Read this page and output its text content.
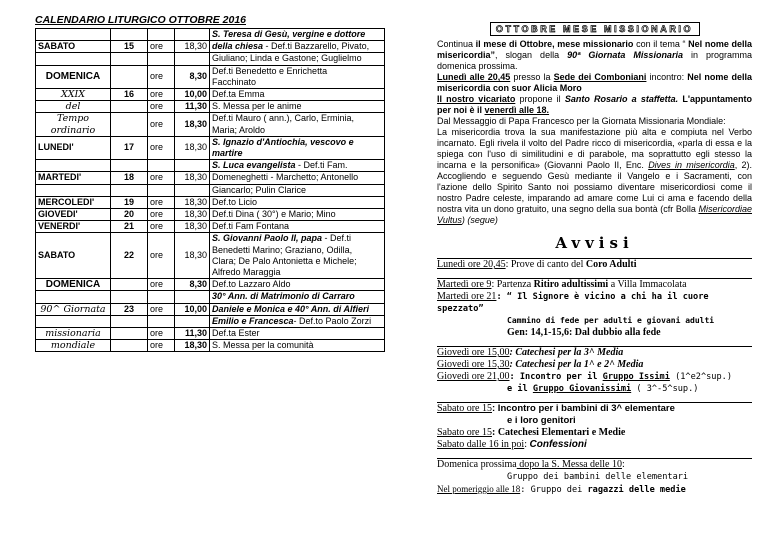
CALENDARIO LITURGICO OTTOBRE 2016

				S. Teresa di Gesù, vergine e dottore

SABATO	15	ore	18,30	della chiesa - Def.ti Bazzarello, Pivato,

				Giuliano; Linda e Gastone; Guglielmo

DOMENICA		ore	8,30	Def.ti Benedetto e Enrichetta
Facchinato

XXIX	16	ore	10,00	Def.ta Emma

del		ore	11,30	S. Messa per le anime

Tempo ordinario		ore	18,30	Def.ti Mauro ( ann.), Carlo, Erminia,
Maria; Aroldo

LUNEDI'	17	ore	18,30	S. Ignazio d'Antiochia, vescovo e
martire

				S. Luca evangelista - Def.ti Fam.

MARTEDI'	18	ore	18,30	Domeneghetti - Marchetto; Antonello

				Giancarlo; Pulin Clarice

MERCOLEDI'	19	ore	18,30	Def.to Licio

GIOVEDI'	20	ore	18,30	Def.ti Dina ( 30°) e Mario; Mino

VENERDI'	21	ore	18,30	Def.ti Fam Fontana

SABATO	22	ore	18,30	S. Giovanni Paolo II, papa - Def.ti
Benedetti Marino; Graziano, Odilla,
Clara; De Palo Antonietta e Michele;
Alfredo Maraggia

DOMENICA		ore	8,30	Def.to Lazzaro Aldo

				30° Ann. di Matrimonio di Carraro

90^ Giornata	23	ore	10,00	Daniele e Monica e 40° Ann. di Alfieri

				Emilio e Francesca- Def.to Paolo Zorzi

missionaria		ore	11,30	Def.ta Ester

mondiale		ore	18,30	S. Messa per la comunità
OTTOBRE MESE MISSIONARIO

Continua il mese di Ottobre, mese missionario con il tema “ Nel nome della misericordia”, slogan della 90ª Giornata Missionaria in programma domenica prossima.

Lunedì alle 20,45 presso la Sede dei Comboniani incontro: Nel nome della misericordia con suor Alicia Moro

Il nostro vicariato propone il Santo Rosario a staffetta. L'appuntamento per noi è il venerdì alle 18.

Dal Messaggio di Papa Francesco per la Giornata Missionaria Mondiale:

La misericordia trova la sua manifestazione più alta e compiuta nel Verbo incarnato. Egli rivela il volto del Padre ricco di misericordia, «parla di essa e la spiega con l'uso di similitudini e di parabole, ma soprattutto egli stesso la incarna e la personifica» (Giovanni Paolo II, Enc. Dives in misericordia, 2). Accogliendo e seguendo Gesù mediante il Vangelo e i Sacramenti, con l'azione dello Spirito Santo noi possiamo diventare misericordiosi come il nostro Padre celeste, imparando ad amare come Lui ci ama e facendo della nostra vita un dono gratuito, una segno della sua bontà (cfr Bolla Misericordiae Vultus) (segue)

Avvisi

Lunedì ore 20,45: Prove di canto del Coro Adulti

Martedì ore 9: Partenza Ritiro adultissimi a Villa Immacolata

Martedì ore 21: “ Il Signore è vicino a chi ha il cuore spezzato”

Cammino di fede per adulti e giovani adulti

Gen: 14,1-15,6: Dal dubbio alla fede

Giovedì ore 15,00: Catechesi per la 3^ Media

Giovedì ore 15,30: Catechesi per la 1^ e 2^ Media

Giovedì ore 21,00: Incontro per il Gruppo Issimi (1^e2^sup.)

e il Gruppo Giovanissimi ( 3^-5^sup.)

Sabato ore 15: Incontro per i bambini di 3^ elementare

e i loro genitori

Sabato ore 15: Catechesi Elementari e Medie

Sabato dalle 16 in poi: Confessioni

Domenica prossima dopo la S. Messa delle 10:

Gruppo dei bambini delle elementari

Nel pomeriggio alle 18: Gruppo dei ragazzi delle medie
